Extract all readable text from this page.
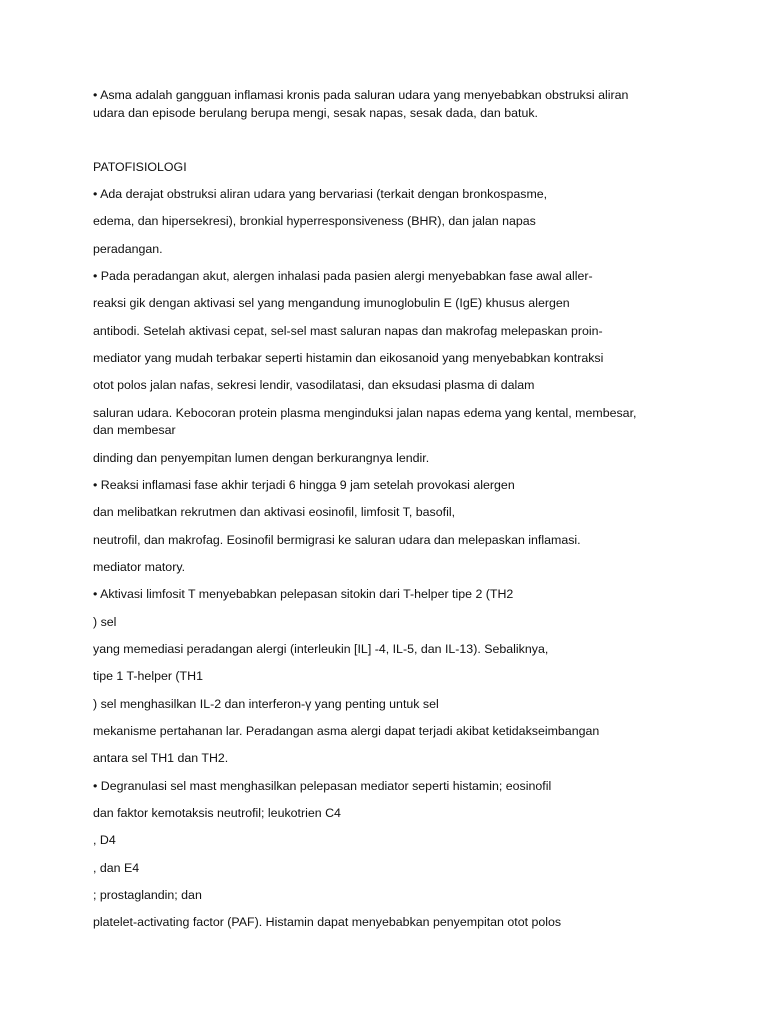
• Asma adalah gangguan inflamasi kronis pada saluran udara yang menyebabkan obstruksi aliran
udara dan episode berulang berupa mengi, sesak napas, sesak dada, dan batuk.
PATOFISIOLOGI
• Ada derajat obstruksi aliran udara yang bervariasi (terkait dengan bronkospasme,
edema, dan hipersekresi), bronkial hyperresponsiveness (BHR), dan jalan napas
peradangan.
• Pada peradangan akut, alergen inhalasi pada pasien alergi menyebabkan fase awal aller-
reaksi gik dengan aktivasi sel yang mengandung imunoglobulin E (IgE) khusus alergen
antibodi. Setelah aktivasi cepat, sel-sel mast saluran napas dan makrofag melepaskan proin-
mediator yang mudah terbakar seperti histamin dan eikosanoid yang menyebabkan kontraksi
otot polos jalan nafas, sekresi lendir, vasodilatasi, dan eksudasi plasma di dalam
saluran udara. Kebocoran protein plasma menginduksi jalan napas edema yang kental, membesar,
dan membesar
dinding dan penyempitan lumen dengan berkurangnya lendir.
• Reaksi inflamasi fase akhir terjadi 6 hingga 9 jam setelah provokasi alergen
dan melibatkan rekrutmen dan aktivasi eosinofil, limfosit T, basofil,
neutrofil, dan makrofag. Eosinofil bermigrasi ke saluran udara dan melepaskan inflamasi.
mediator matory.
• Aktivasi limfosit T menyebabkan pelepasan sitokin dari T-helper tipe 2 (TH2
) sel
yang memediasi peradangan alergi (interleukin [IL] -4, IL-5, dan IL-13). Sebaliknya,
tipe 1 T-helper (TH1
) sel menghasilkan IL-2 dan interferon-γ yang penting untuk sel
mekanisme pertahanan lar. Peradangan asma alergi dapat terjadi akibat ketidakseimbangan
antara sel TH1 dan TH2.
• Degranulasi sel mast menghasilkan pelepasan mediator seperti histamin; eosinofil
dan faktor kemotaksis neutrofil; leukotrien C4
, D4
, dan E4
; prostaglandin; dan
platelet-activating factor (PAF). Histamin dapat menyebabkan penyempitan otot polos
